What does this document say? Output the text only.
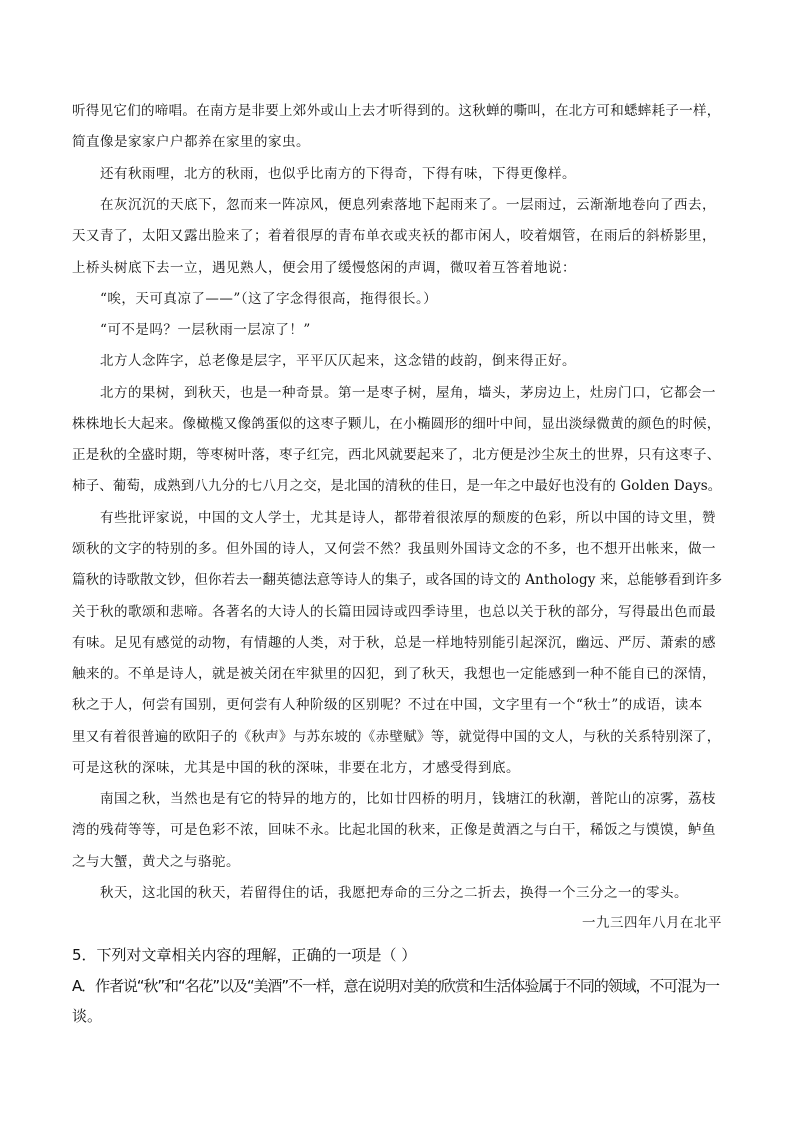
听得见它们的啼唱。在南方是非要上郊外或山上去才听得到的。这秋蝉的嘶叫，在北方可和蟋蟀耗子一样，
简直像是家家户户都养在家里的家虫。
还有秋雨哩，北方的秋雨，也似乎比南方的下得奇，下得有味，下得更像样。
在灰沉沉的天底下，忽而来一阵凉风，便息列索落地下起雨来了。一层雨过，云渐渐地卷向了西去，
天又青了，太阳又露出脸来了；着着很厚的青布单衣或夹袄的都市闲人，咬着烟管，在雨后的斜桥影里，
上桥头树底下去一立，遇见熟人，便会用了缓慢悠闲的声调，微叹着互答着地说：
“唉，天可真凉了——”（这了字念得很高，拖得很长。）
“可不是吗？一层秋雨一层凉了！”
北方人念阵字，总老像是层字，平平仄仄起来，这念错的歧韵，倒来得正好。
北方的果树，到秋天，也是一种奇景。第一是枣子树，屋角，墙头，茅房边上，灶房门口，它都会一
株株地长大起来。像橄榄又像鸽蛋似的这枣子颗儿，在小椭圆形的细叶中间，显出淡绿微黄的颜色的时候，
正是秋的全盛时期，等枣树叶落，枣子红完，西北风就要起来了，北方便是沙尘灰土的世界，只有这枣子、
柿子、葡萄，成熟到八九分的七八月之交，是北国的清秋的佳日，是一年之中最好也没有的 Golden Days。
有些批评家说，中国的文人学士，尤其是诗人，都带着很浓厚的颓废的色彩，所以中国的诗文里，赞
颂秋的文字的特别的多。但外国的诗人，又何尝不然？我虽则外国诗文念的不多，也不想开出帐来，做一
篇秋的诗歌散文钞，但你若去一翻英德法意等诗人的集子，或各国的诗文的 Anthology 来，总能够看到许多
关于秋的歌颂和悲啼。各著名的大诗人的长篇田园诗或四季诗里，也总以关于秋的部分，写得最出色而最
有味。足见有感觉的动物，有情趣的人类，对于秋，总是一样地特别能引起深沉，幽远、严厉、萧索的感
触来的。不单是诗人，就是被关闭在牢狱里的囚犯，到了秋天，我想也一定能感到一种不能自已的深情，
秋之于人，何尝有国别，更何尝有人种阶级的区别呢？不过在中国，文字里有一个“秋士”的成语，读本
里又有着很普遍的欧阳子的《秋声》与苏东坡的《赤壁赋》等，就觉得中国的文人，与秋的关系特别深了，
可是这秋的深味，尤其是中国的秋的深味，非要在北方，才感受得到底。
南国之秋，当然也是有它的特异的地方的，比如廿四桥的明月，钱塘江的秋潮，普陀山的凉雾，荔枝
湾的残荷等等，可是色彩不浓，回味不永。比起北国的秋来，正像是黄酒之与白干，稀饭之与馍馍，鲈鱼
之与大蟹，黄犬之与骆驼。
秋天，这北国的秋天，若留得住的话，我愿把寿命的三分之二折去，换得一个三分之一的零头。
一九三四年八月在北平
5．下列对文章相关内容的理解，正确的一项是（ ）
A．作者说“秋”和“名花”以及“美酒”不一样，意在说明对美的欣赏和生活体验属于不同的领域，不可混为一
谈。
